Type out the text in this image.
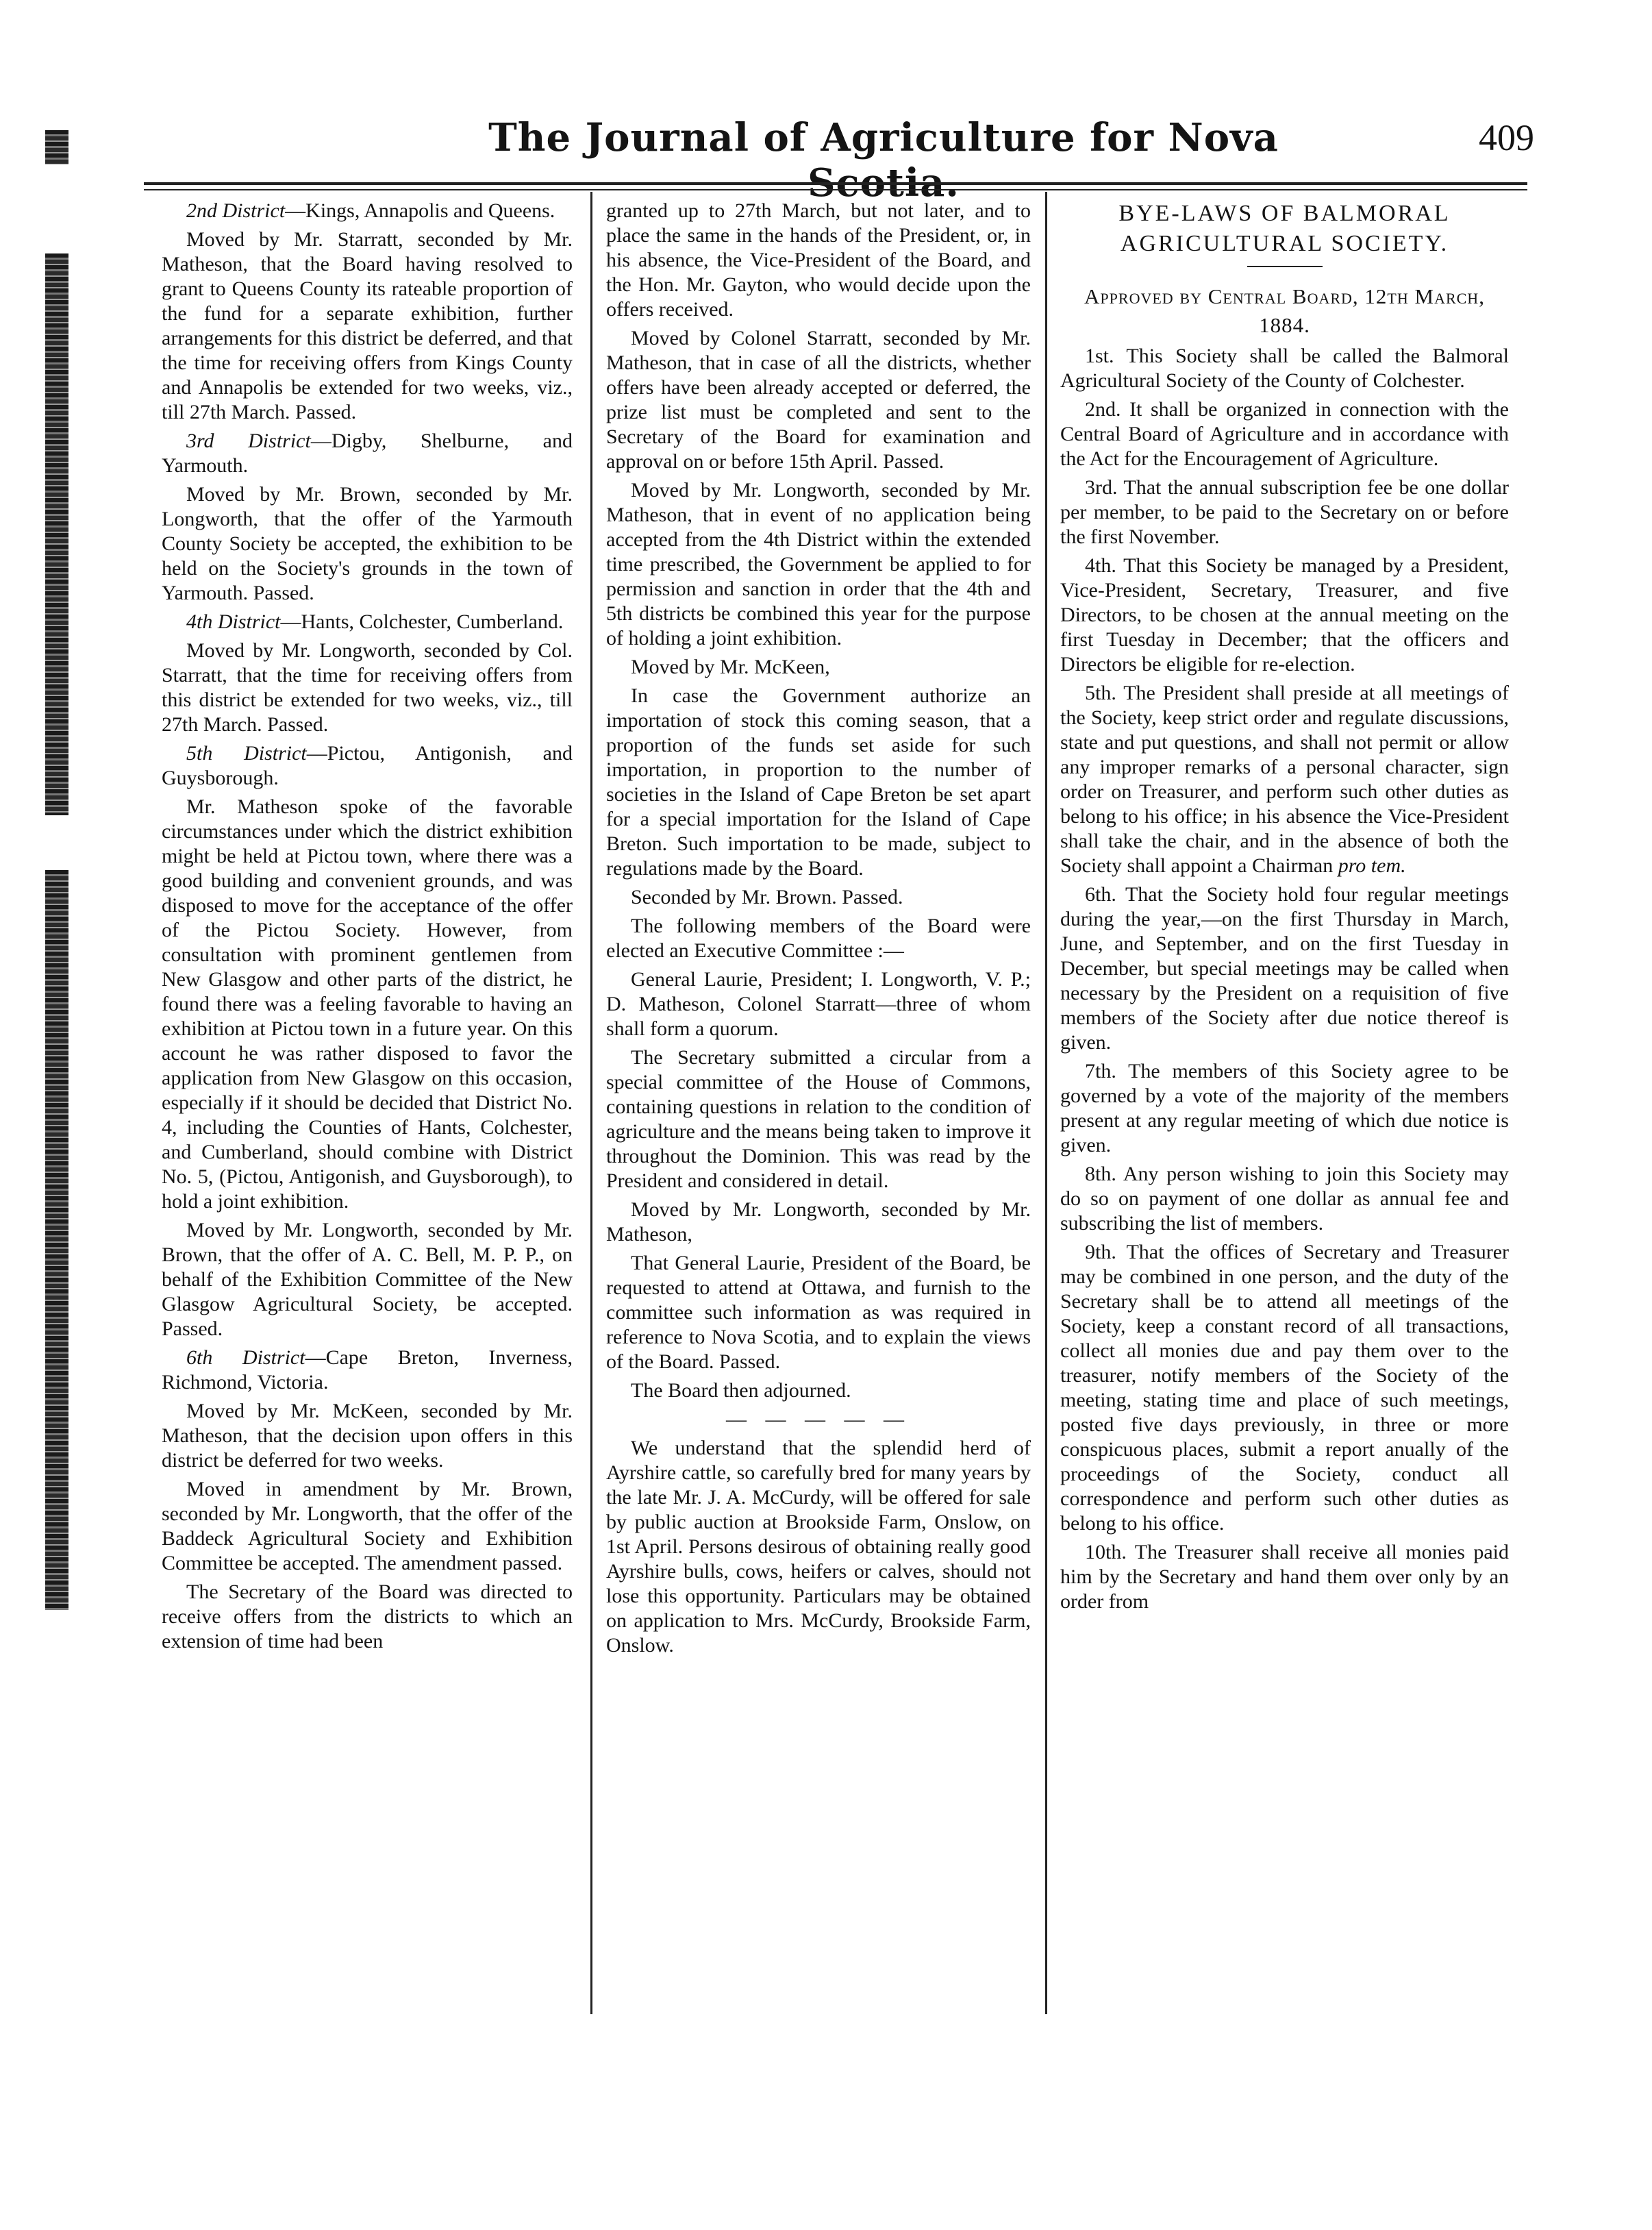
The Journal of Agriculture for Nova	409

2nd District—Kings, Annapolis and Queens.

Moved by Mr. Starratt, seconded by Mr. Matheson, that the Board having resolved to grant to Queens County its rateable proportion of the fund for a separate exhibition, further arrangements for this district be deferred, and that the time for receiving offers from Kings County and Annapolis be extended for two weeks, viz., till 27th March. Passed.

3rd District—Digby, Shelburne, and Yarmouth.

Moved by Mr. Brown, seconded by Mr. Longworth, that the offer of the Yarmouth County Society be accepted, the exhibition to be held on the Society's grounds in the town of Yarmouth. Passed.

4th District—Hants, Colchester, Cumberland.

Moved by Mr. Longworth, seconded by Col. Starratt, that the time for receiving offers from this district be extended for two weeks, viz., till 27th March. Passed.

5th District—Pictou, Antigonish, and Guysborough.

Mr. Matheson spoke of the favorable circumstances under which the district exhibition might be held at Pictou town, where there was a good building and convenient grounds, and was disposed to move for the acceptance of the offer of the Pictou Society. However, from consultation with prominent gentlemen from New Glasgow and other parts of the district, he found there was a feeling favorable to having an exhibition at Pictou town in a future year. On this account he was rather disposed to favor the application from New Glasgow on this occasion, especially if it should be decided that District No. 4, including the Counties of Hants, Colchester, and Cumberland, should combine with District No. 5, (Pictou, Antigonish, and Guysborough), to hold a joint exhibition.

Moved by Mr. Longworth, seconded by Mr. Brown, that the offer of A. C. Bell, M. P. P., on behalf of the Exhibition Committee of the New Glasgow Agricultural Society, be accepted. Passed.

6th District—Cape Breton, Inverness, Richmond, Victoria.

Moved by Mr. McKeen, seconded by Mr. Matheson, that the decision upon offers in this district be deferred for two weeks.

Moved in amendment by Mr. Brown, seconded by Mr. Longworth, that the offer of the Baddeck Agricultural Society and Exhibition Committee be accepted. The amendment passed.

The Secretary of the Board was directed to receive offers from the districts to which an extension of time had been

granted up to 27th March, but not later, and to place the same in the hands of the President, or, in his absence, the Vice-President of the Board, and the Hon. Mr. Gayton, who would decide upon the offers received.

Moved by Colonel Starratt, seconded by Mr. Matheson, that in case of all the districts, whether offers have been already accepted or deferred, the prize list must be completed and sent to the Secretary of the Board for examination and approval on or before 15th April. Passed.

Moved by Mr. Longworth, seconded by Mr. Matheson, that in event of no application being accepted from the 4th District within the extended time prescribed, the Government be applied to for permission and sanction in order that the 4th and 5th districts be combined this year for the purpose of holding a joint exhibition.

Moved by Mr. McKeen,

In case the Government authorize an importation of stock this coming season, that a proportion of the funds set aside for such importation, in proportion to the number of societies in the Island of Cape Breton be set apart for a special importation for the Island of Cape Breton. Such importation to be made, subject to regulations made by the Board.

Seconded by Mr. Brown. Passed.

The following members of the Board were elected an Executive Committee :—

General Laurie, President; I. Longworth, V. P.; D. Matheson, Colonel Starratt—three of whom shall form a quorum.

The Secretary submitted a circular from a special committee of the House of Commons, containing questions in relation to the condition of agriculture and the means being taken to improve it throughout the Dominion. This was read by the President and considered in detail.

Moved by Mr. Longworth, seconded by Mr. Matheson,

That General Laurie, President of the Board, be requested to attend at Ottawa, and furnish to the committee such information as was required in reference to Nova Scotia, and to explain the views of the Board. Passed.

The Board then adjourned.

— — — — —

We understand that the splendid herd of Ayrshire cattle, so carefully bred for many years by the late Mr. J. A. McCurdy, will be offered for sale by public auction at Brookside Farm, Onslow, on 1st April. Persons desirous of obtaining really good Ayrshire bulls, cows, heifers or calves, should not lose this opportunity. Particulars may be obtained on application to Mrs. McCurdy, Brookside Farm, Onslow.

BYE-LAWS OF BALMORAL AGRICULTURAL SOCIETY.

Approved by Central Board, 12th March, 1884.

1st. This Society shall be called the Balmoral Agricultural Society of the County of Colchester.

2nd. It shall be organized in connection with the Central Board of Agriculture and in accordance with the Act for the Encouragement of Agriculture.

3rd. That the annual subscription fee be one dollar per member, to be paid to the Secretary on or before the first November.

4th. That this Society be managed by a President, Vice-President, Secretary, Treasurer, and five Directors, to be chosen at the annual meeting on the first Tuesday in December; that the officers and Directors be eligible for re-election.

5th. The President shall preside at all meetings of the Society, keep strict order and regulate discussions, state and put questions, and shall not permit or allow any improper remarks of a personal character, sign order on Treasurer, and perform such other duties as belong to his office; in his absence the Vice-President shall take the chair, and in the absence of both the Society shall appoint a Chairman pro tem.

6th. That the Society hold four regular meetings during the year,—on the first Thursday in March, June, and September, and on the first Tuesday in December, but special meetings may be called when necessary by the President on a requisition of five members of the Society after due notice thereof is given.

7th. The members of this Society agree to be governed by a vote of the majority of the members present at any regular meeting of which due notice is given.

8th. Any person wishing to join this Society may do so on payment of one dollar as annual fee and subscribing the list of members.

9th. That the offices of Secretary and Treasurer may be combined in one person, and the duty of the Secretary shall be to attend all meetings of the Society, keep a constant record of all transactions, collect all monies due and pay them over to the treasurer, notify members of the Society of the meeting, stating time and place of such meetings, posted five days previously, in three or more conspicuous places, submit a report anually of the proceedings of the Society, conduct all correspondence and perform such other duties as belong to his office.

10th. The Treasurer shall receive all monies paid him by the Secretary and hand them over only by an order from
